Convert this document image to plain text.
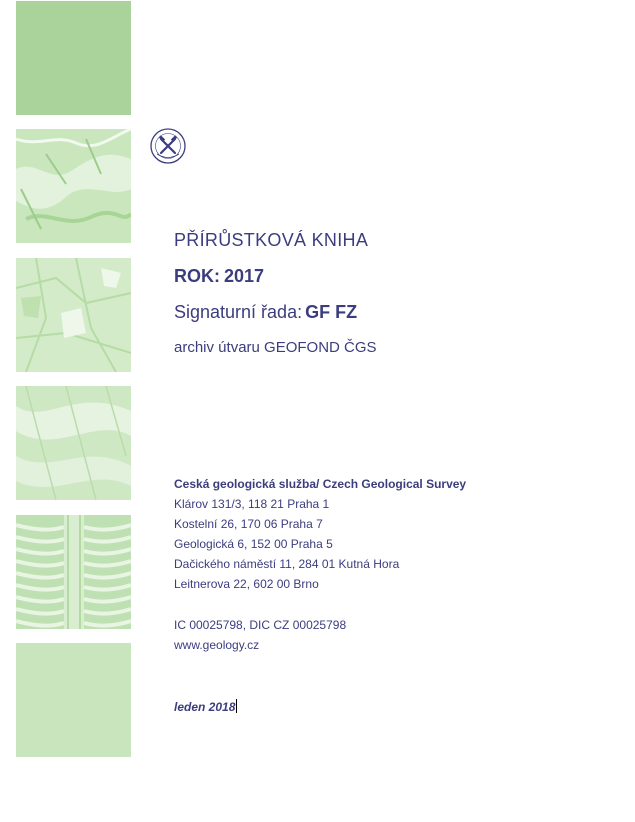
PŘÍRŮSTKOVÁ KNIHA

ROK: 2017

Signaturní řada: GF FZ

archiv útvaru GEOFOND ČGS

Ceská geologická služba/ Czech Geological Survey
Klárov 131/3, 118 21 Praha 1
Kostelní 26, 170 06 Praha 7
Geologická 6, 152 00 Praha 5
Dačického náměstí 11, 284 01 Kutná Hora
Leitnerova 22, 602 00 Brno
IC 00025798, DIC CZ 00025798
www.geology.cz
leden 2018
